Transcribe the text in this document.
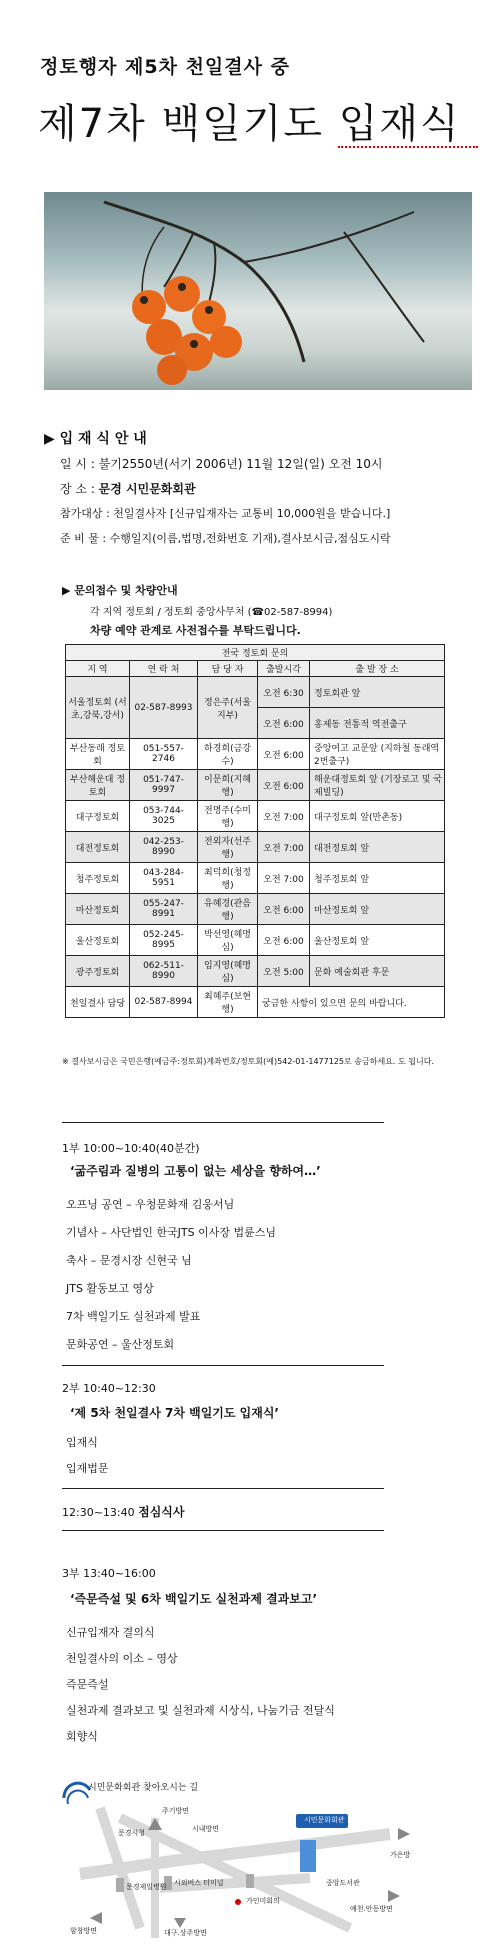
정토행자 제5차 천일결사 중
제7차 백일기도 입재식
▶ 입 재 식 안 내
일 시 : 불기2550년(서기 2006년) 11월 12일(일) 오전 10시
장 소 : 문경 시민문화회관
참가대상 : 천일결사자 [신규입재자는 교통비 10,000원을 받습니다.]
준 비 물 : 수행일지(이름,법명,전화번호 기재),결사보시금,점심도시락
▶ 문의접수 및 차량안내
각 지역 정토회 / 정토회 중앙사무처 (☎02-587-8994)
차량 예약 관계로 사전접수를 부탁드립니다.
전국 정토회 문의				
지 역	연 락 처	담 당 자	출발시각	출 발 장 소
서울정토회 (서초,강북,강서)	02-587-8993	정은주(서울지부)	오전 6:30	정토회관 앞
			오전 6:00	홍제동 전통적 역전출구
부산동래 정토회	051-557-2746	하경희(금강수)	오전 6:00	중앙여고 교문앞 (지하철 동래역2번출구)
부산해운대 정토회	051-747-9997	이문희(지혜행)	오전 6:00	해운대정토회 앞 (기장로고 및 국제빌딩)
대구정토회	053-744-3025	전명주(수미행)	오전 7:00	대구정토회 앞(만촌동)
대전정토회	042-253-8990	전외자(선주행)	오전 7:00	대전정토회 앞
청주정토회	043-284-5951	최덕희(청정행)	오전 7:00	청주정토회 앞
마산정토회	055-247-8991	유혜경(관음행)	오전 6:00	마산정토회 앞
울산정토회	052-245-8995	박선영(혜명심)	오전 6:00	울산정토회 앞
광주정토회	062-511-8990	임지영(혜명심)	오전 5:00	문화 예술회관 후문
천일결사 담당	02-587-8994	최혜주(보현행)	궁금한 사항이 있으면 문의 바랍니다.	
※ 결사보시금은 국민은행(예금주:정토회)계좌번호/정토회(예)542-01-1477125로 송금하세요. 도 됩니다.
1부 10:00~10:40(40분간)
‘굶주림과 질병의 고통이 없는 세상을 향하여…’
오프닝 공연 – 우청문화재 김웅서님
기념사 – 사단법인 한국JTS 이사장 법륜스님
축사 – 문경시장 신현국 님
JTS 활동보고 영상
7차 백일기도 실천과제 발표
문화공연 – 울산정토회
2부 10:40~12:30
‘제 5차 천일결사 7차 백일기도 입재식’
입재식
입재법문
12:30~13:40 점심식사
3부 13:40~16:00
‘즉문즉설 및 6차 백일기도 실천과제 결과보고’
신규입재자 결의식
천일결사의 이소 – 영상
즉문즉설
실천과제 결과보고 및 실천과제 시상식, 나눔기금 전달식
회향식
시민문화회관 찾아오시는 길
시민문화회관
문경시청
주기방면
시내방면
문경제일병원 시외버스 터미널	중앙도서관
가인미회의
가은방
예천.안동방면
함창방면	대구.상주방면
